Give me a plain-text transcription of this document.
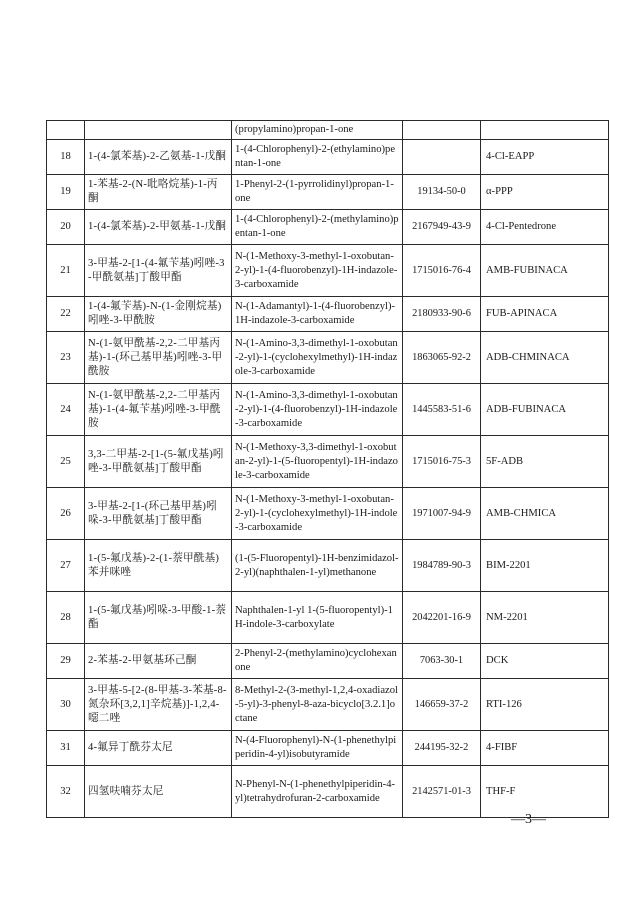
		(propylamino)propan-1-one		
18	1-(4-氯苯基)-2-乙氨基-1-戊酮	1-(4-Chlorophenyl)-2-(ethylamino)pentan-1-one		4-Cl-EAPP
19	1-苯基-2-(N-吡咯烷基)-1-丙酮	1-Phenyl-2-(1-pyrrolidinyl)propan-1-one	19134-50-0	α-PPP
20	1-(4-氯苯基)-2-甲氨基-1-戊酮	1-(4-Chlorophenyl)-2-(methylamino)pentan-1-one	2167949-43-9	4-Cl-Pentedrone
21	3-甲基-2-[1-(4-氟苄基)吲唑-3-甲酰氨基]丁酸甲酯	N-(1-Methoxy-3-methyl-1-oxobutan-2-yl)-1-(4-fluorobenzyl)-1H-indazole-3-carboxamide	1715016-76-4	AMB-FUBINACA
22	1-(4-氟苄基)-N-(1-金刚烷基)吲唑-3-甲酰胺	N-(1-Adamantyl)-1-(4-fluorobenzyl)-1H-indazole-3-carboxamide	2180933-90-6	FUB-APINACA
23	N-(1-氨甲酰基-2,2-二甲基丙基)-1-(环己基甲基)吲唑-3-甲酰胺	N-(1-Amino-3,3-dimethyl-1-oxobutan-2-yl)-1-(cyclohexylmethyl)-1H-indazole-3-carboxamide	1863065-92-2	ADB-CHMINACA
24	N-(1-氨甲酰基-2,2-二甲基丙基)-1-(4-氟苄基)吲唑-3-甲酰胺	N-(1-Amino-3,3-dimethyl-1-oxobutan-2-yl)-1-(4-fluorobenzyl)-1H-indazole-3-carboxamide	1445583-51-6	ADB-FUBINACA
25	3,3-二甲基-2-[1-(5-氟戊基)吲唑-3-甲酰氨基]丁酸甲酯	N-(1-Methoxy-3,3-dimethyl-1-oxobutan-2-yl)-1-(5-fluoropentyl)-1H-indazole-3-carboxamide	1715016-75-3	5F-ADB
26	3-甲基-2-[1-(环己基甲基)吲哚-3-甲酰氨基]丁酸甲酯	N-(1-Methoxy-3-methyl-1-oxobutan-2-yl)-1-(cyclohexylmethyl)-1H-indole-3-carboxamide	1971007-94-9	AMB-CHMICA
27	1-(5-氟戊基)-2-(1-萘甲酰基)苯并咪唑	(1-(5-Fluoropentyl)-1H-benzimidazol-2-yl)(naphthalen-1-yl)methanone	1984789-90-3	BIM-2201
28	1-(5-氟戊基)吲哚-3-甲酸-1-萘酯	Naphthalen-1-yl 1-(5-fluoropentyl)-1H-indole-3-carboxylate	2042201-16-9	NM-2201
29	2-苯基-2-甲氨基环己酮	2-Phenyl-2-(methylamino)cyclohexanone	7063-30-1	DCK
30	3-甲基-5-[2-(8-甲基-3-苯基-8-氮杂环[3,2,1]辛烷基)]-1,2,4-噁二唑	8-Methyl-2-(3-methyl-1,2,4-oxadiazol-5-yl)-3-phenyl-8-aza-bicyclo[3.2.1]octane	146659-37-2	RTI-126
31	4-氟异丁酰芬太尼	N-(4-Fluorophenyl)-N-(1-phenethylpiperidin-4-yl)isobutyramide	244195-32-2	4-FIBF
32	四氢呋喃芬太尼	N-Phenyl-N-(1-phenethylpiperidin-4-yl)tetrahydrofuran-2-carboxamide	2142571-01-3	THF-F
—3—
